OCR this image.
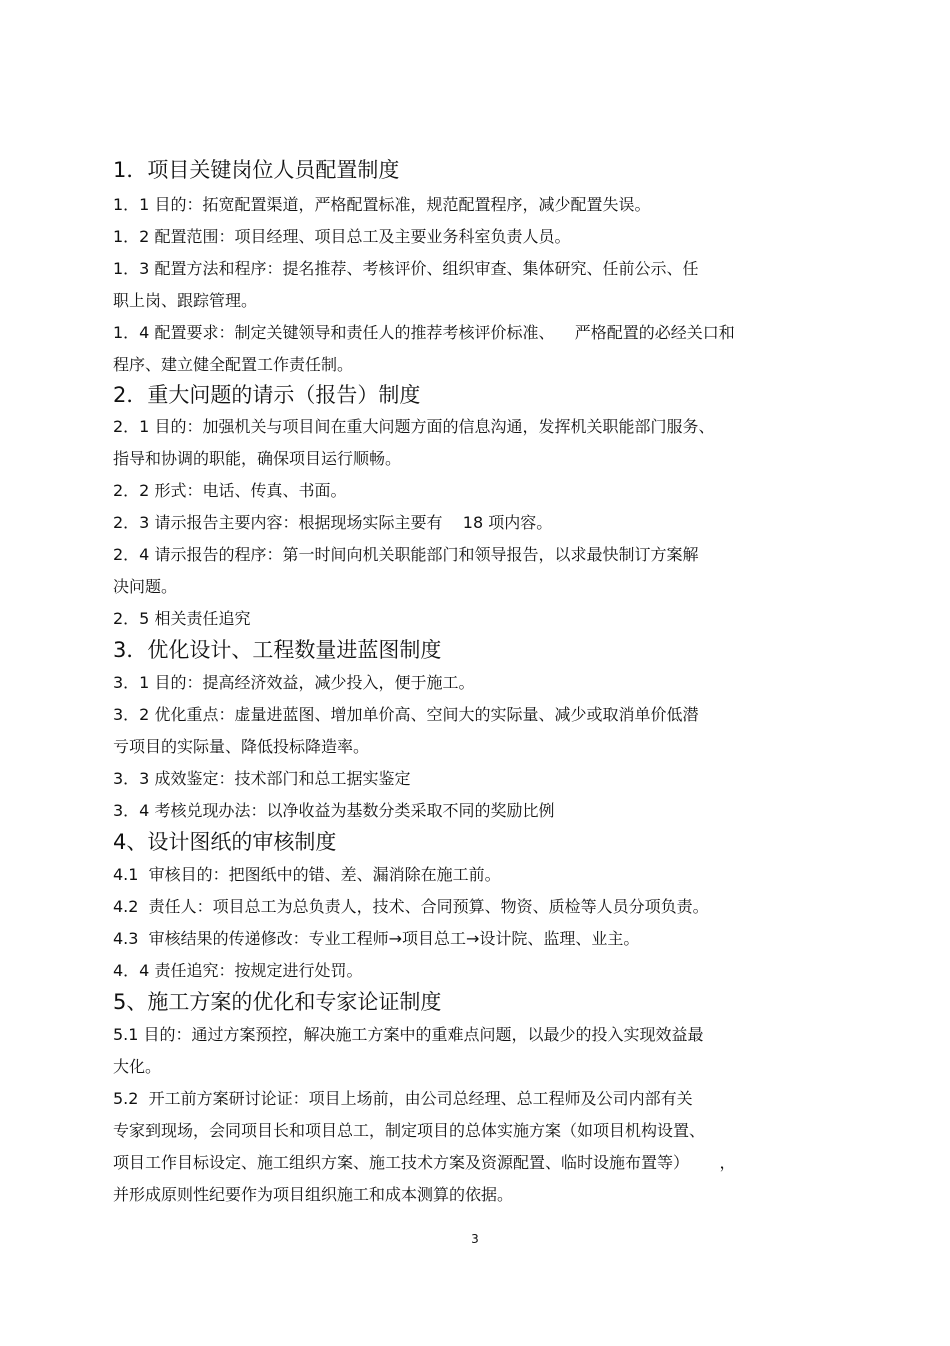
1．项目关键岗位人员配置制度
1．1 目的：拓宽配置渠道，严格配置标准，规范配置程序，减少配置失误。
1．2 配置范围：项目经理、项目总工及主要业务科室负责人员。
1．3 配置方法和程序：提名推荐、考核评价、组织审查、集体研究、任前公示、任
职上岗、跟踪管理。
1．4 配置要求：制定关键领导和责任人的推荐考核评价标准、    严格配置的必经关口和
程序、建立健全配置工作责任制。
2．重大问题的请示（报告）制度
2．1 目的：加强机关与项目间在重大问题方面的信息沟通，发挥机关职能部门服务、
指导和协调的职能，确保项目运行顺畅。
2．2 形式：电话、传真、书面。
2．3 请示报告主要内容：根据现场实际主要有    18 项内容。
2．4 请示报告的程序：第一时间向机关职能部门和领导报告，以求最快制订方案解
决问题。
2．5 相关责任追究
3．优化设计、工程数量进蓝图制度
3．1 目的：提高经济效益，减少投入，便于施工。
3．2 优化重点：虚量进蓝图、增加单价高、空间大的实际量、减少或取消单价低潜
亏项目的实际量、降低投标降造率。
3．3 成效鉴定：技术部门和总工据实鉴定
3．4 考核兑现办法：以净收益为基数分类采取不同的奖励比例
4、设计图纸的审核制度
4.1  审核目的：把图纸中的错、差、漏消除在施工前。
4.2  责任人：项目总工为总负责人，技术、合同预算、物资、质检等人员分项负责。
4.3  审核结果的传递修改：专业工程师→项目总工→设计院、监理、业主。
4．4 责任追究：按规定进行处罚。
5、施工方案的优化和专家论证制度
5.1 目的：通过方案预控，解决施工方案中的重难点问题，以最少的投入实现效益最
大化。
5.2  开工前方案研讨论证：项目上场前，由公司总经理、总工程师及公司内部有关
专家到现场，会同项目长和项目总工，制定项目的总体实施方案（如项目机构设置、
项目工作目标设定、施工组织方案、施工技术方案及资源配置、临时设施布置等）      ，
并形成原则性纪要作为项目组织施工和成本测算的依据。
3
